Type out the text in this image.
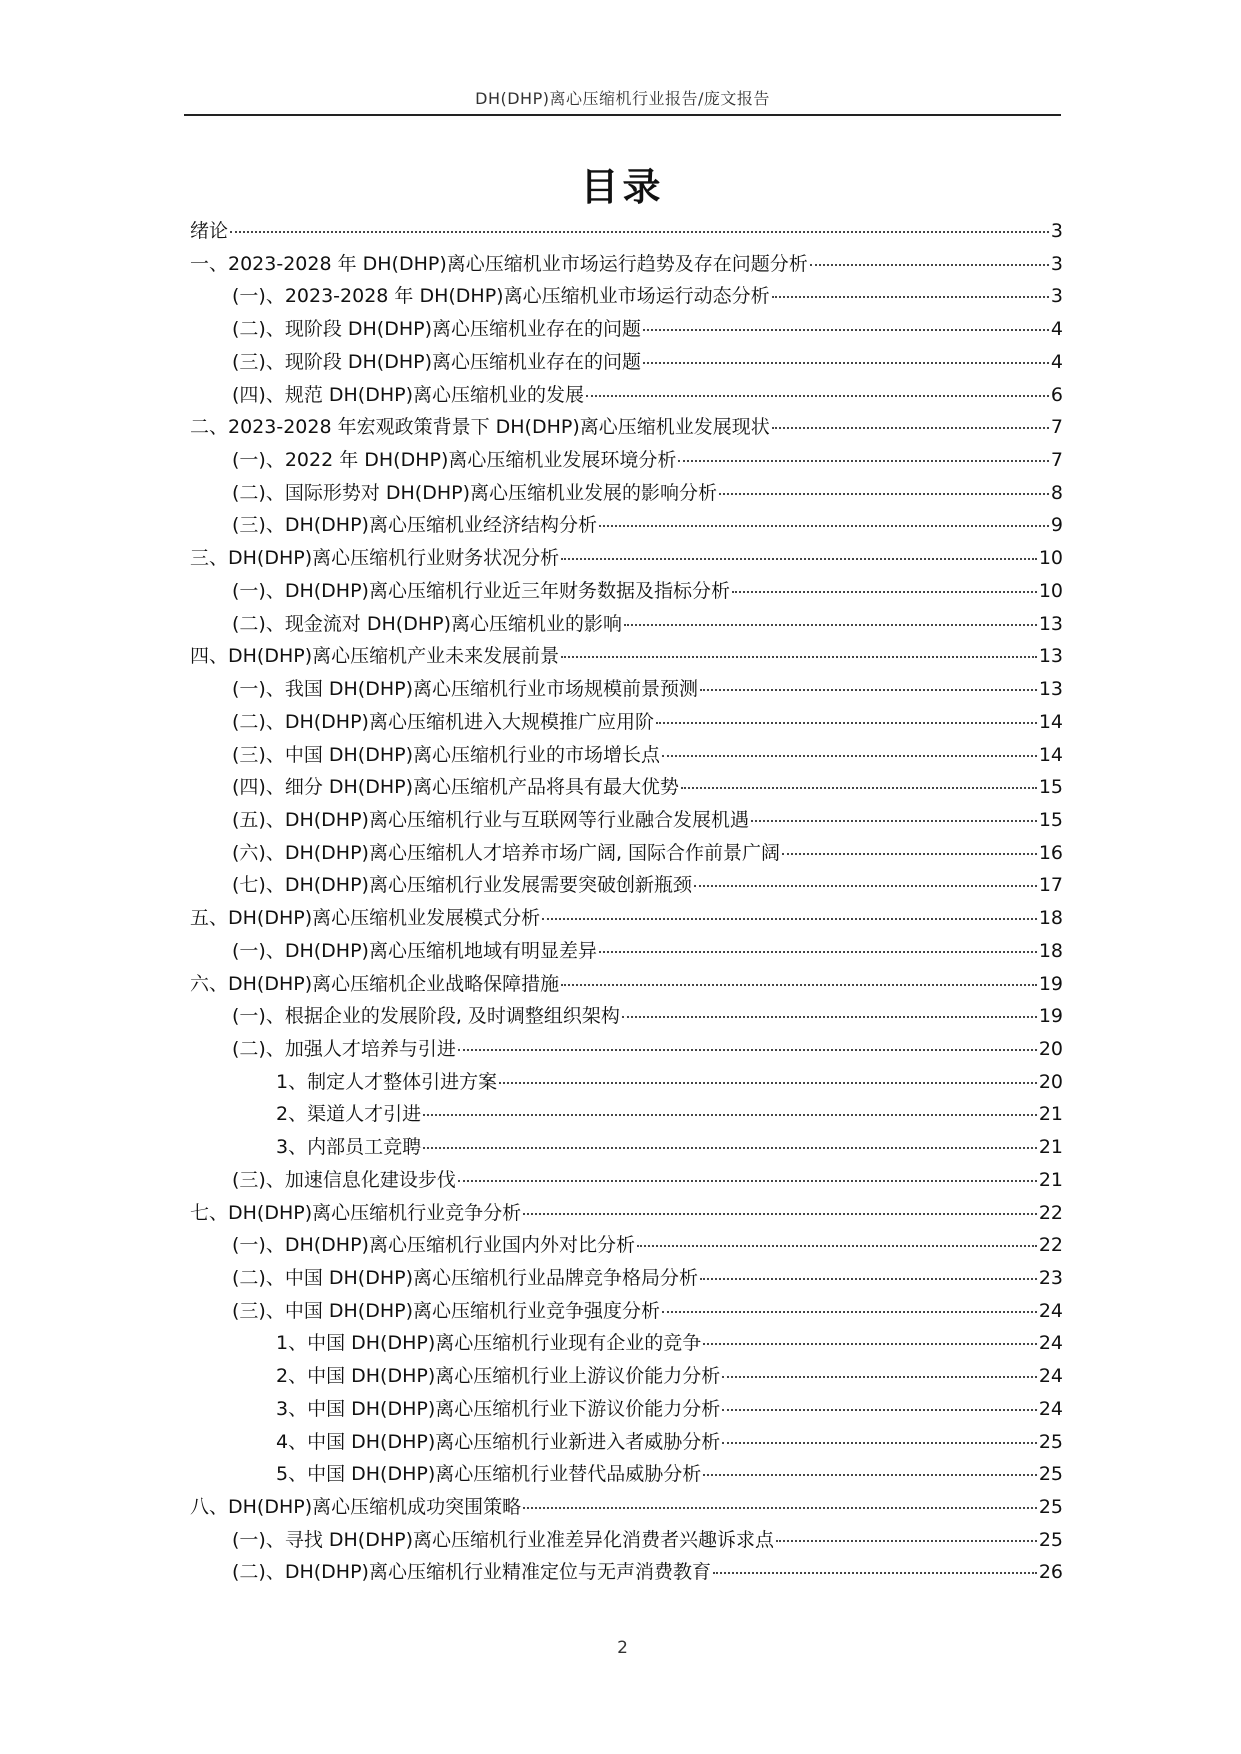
DH(DHP)离心压缩机行业报告/庞文报告
目录
绪论	3
一、2023-2028 年 DH(DHP)离心压缩机业市场运行趋势及存在问题分析	3
(一)、2023-2028 年 DH(DHP)离心压缩机业市场运行动态分析	3
(二)、现阶段 DH(DHP)离心压缩机业存在的问题	4
(三)、现阶段 DH(DHP)离心压缩机业存在的问题	4
(四)、规范 DH(DHP)离心压缩机业的发展	6
二、2023-2028 年宏观政策背景下 DH(DHP)离心压缩机业发展现状	7
(一)、2022 年 DH(DHP)离心压缩机业发展环境分析	7
(二)、国际形势对 DH(DHP)离心压缩机业发展的影响分析	8
(三)、DH(DHP)离心压缩机业经济结构分析	9
三、DH(DHP)离心压缩机行业财务状况分析	10
(一)、DH(DHP)离心压缩机行业近三年财务数据及指标分析	10
(二)、现金流对 DH(DHP)离心压缩机业的影响	13
四、DH(DHP)离心压缩机产业未来发展前景	13
(一)、我国 DH(DHP)离心压缩机行业市场规模前景预测	13
(二)、DH(DHP)离心压缩机进入大规模推广应用阶	14
(三)、中国 DH(DHP)离心压缩机行业的市场增长点	14
(四)、细分 DH(DHP)离心压缩机产品将具有最大优势	15
(五)、DH(DHP)离心压缩机行业与互联网等行业融合发展机遇	15
(六)、DH(DHP)离心压缩机人才培养市场广阔, 国际合作前景广阔	16
(七)、DH(DHP)离心压缩机行业发展需要突破创新瓶颈	17
五、DH(DHP)离心压缩机业发展模式分析	18
(一)、DH(DHP)离心压缩机地域有明显差异	18
六、DH(DHP)离心压缩机企业战略保障措施	19
(一)、根据企业的发展阶段, 及时调整组织架构	19
(二)、加强人才培养与引进	20
1、制定人才整体引进方案	20
2、渠道人才引进	21
3、内部员工竞聘	21
(三)、加速信息化建设步伐	21
七、DH(DHP)离心压缩机行业竞争分析	22
(一)、DH(DHP)离心压缩机行业国内外对比分析	22
(二)、中国 DH(DHP)离心压缩机行业品牌竞争格局分析	23
(三)、中国 DH(DHP)离心压缩机行业竞争强度分析	24
1、中国 DH(DHP)离心压缩机行业现有企业的竞争	24
2、中国 DH(DHP)离心压缩机行业上游议价能力分析	24
3、中国 DH(DHP)离心压缩机行业下游议价能力分析	24
4、中国 DH(DHP)离心压缩机行业新进入者威胁分析	25
5、中国 DH(DHP)离心压缩机行业替代品威胁分析	25
八、DH(DHP)离心压缩机成功突围策略	25
(一)、寻找 DH(DHP)离心压缩机行业准差异化消费者兴趣诉求点	25
(二)、DH(DHP)离心压缩机行业精准定位与无声消费教育	26
2
